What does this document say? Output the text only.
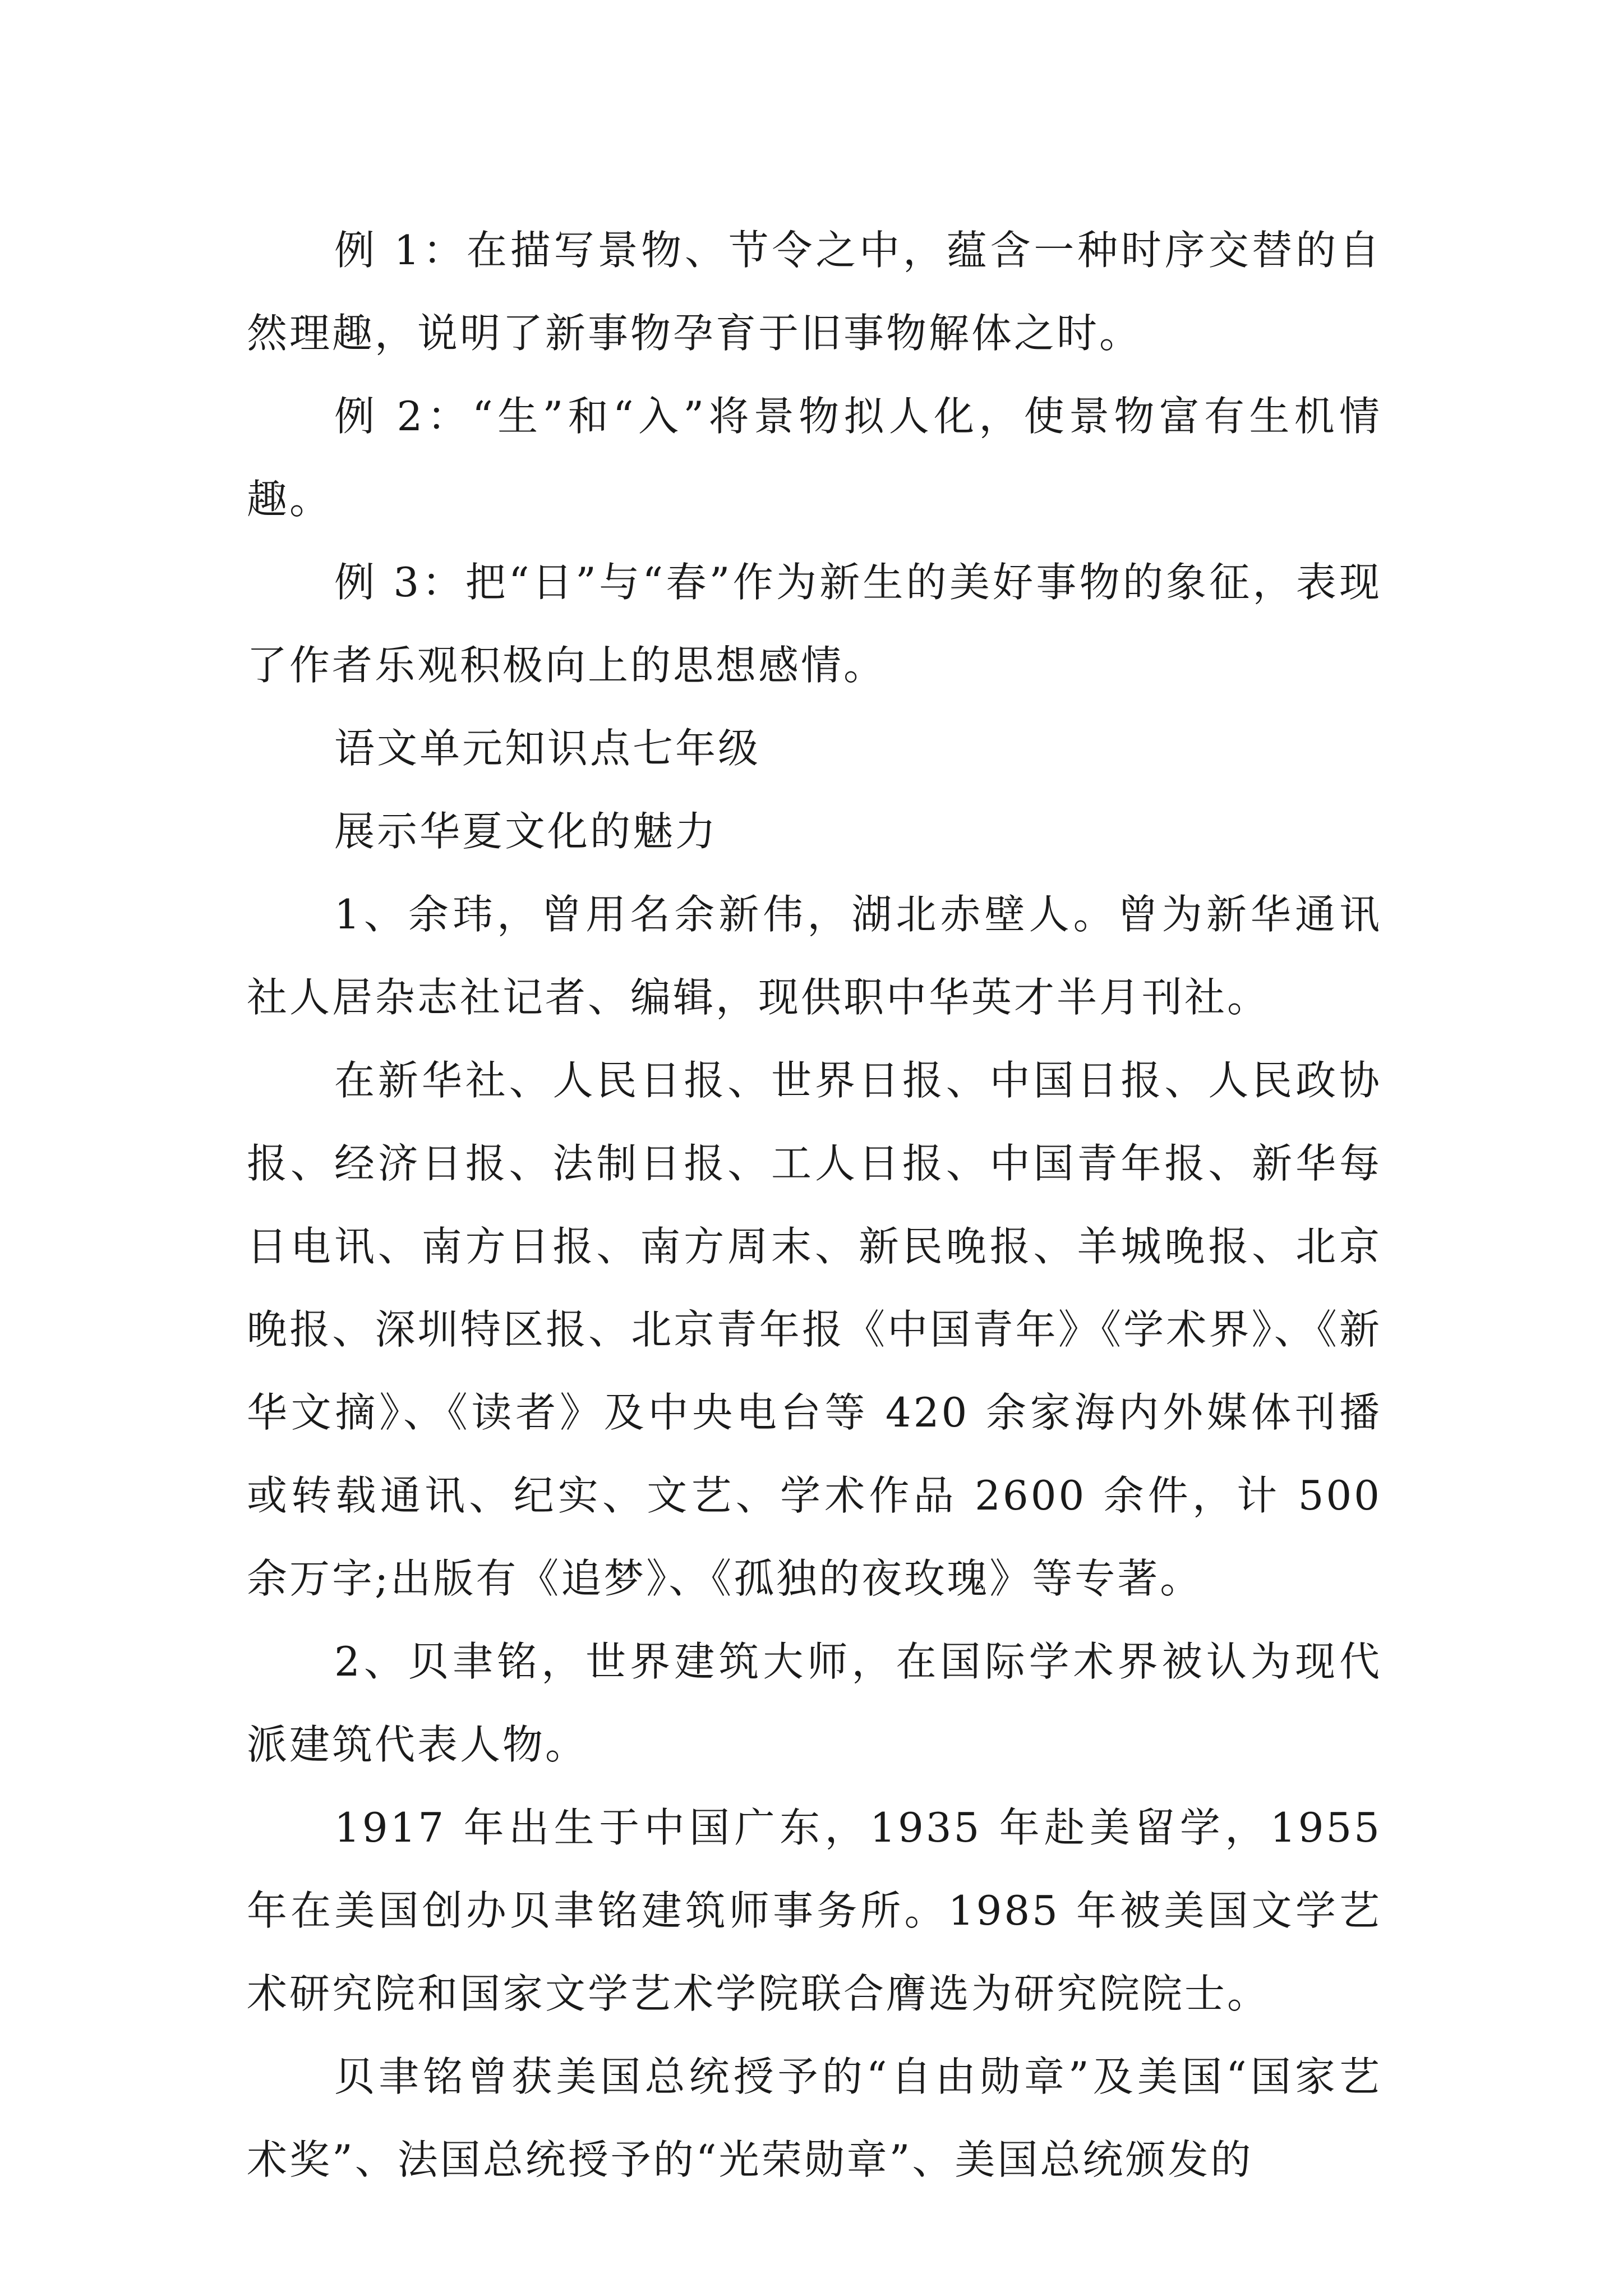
例 1：在描写景物、节令之中，蕴含一种时序交替的自然理趣，说明了新事物孕育于旧事物解体之时。

例 2：“生”和“入”将景物拟人化，使景物富有生机情趣。

例 3：把“日”与“春”作为新生的美好事物的象征，表现了作者乐观积极向上的思想感情。

语文单元知识点七年级

展示华夏文化的魅力

1、余玮，曾用名余新伟，湖北赤壁人。曾为新华通讯社人居杂志社记者、编辑，现供职中华英才半月刊社。

在新华社、人民日报、世界日报、中国日报、人民政协报、经济日报、法制日报、工人日报、中国青年报、新华每日电讯、南方日报、南方周末、新民晚报、羊城晚报、北京晚报、深圳特区报、北京青年报《中国青年》《学术界》、《新华文摘》、《读者》及中央电台等 420 余家海内外媒体刊播或转载通讯、纪实、文艺、学术作品 2600 余件，计 500 余万字;出版有《追梦》、《孤独的夜玫瑰》等专著。

2、贝聿铭，世界建筑大师，在国际学术界被认为现代派建筑代表人物。

1917 年出生于中国广东，1935 年赴美留学，1955 年在美国创办贝聿铭建筑师事务所。1985 年被美国文学艺术研究院和国家文学艺术学院联合膺选为研究院院士。

贝聿铭曾获美国总统授予的“自由勋章”及美国“国家艺术奖”、法国总统授予的“光荣勋章”、美国总统颁发的
